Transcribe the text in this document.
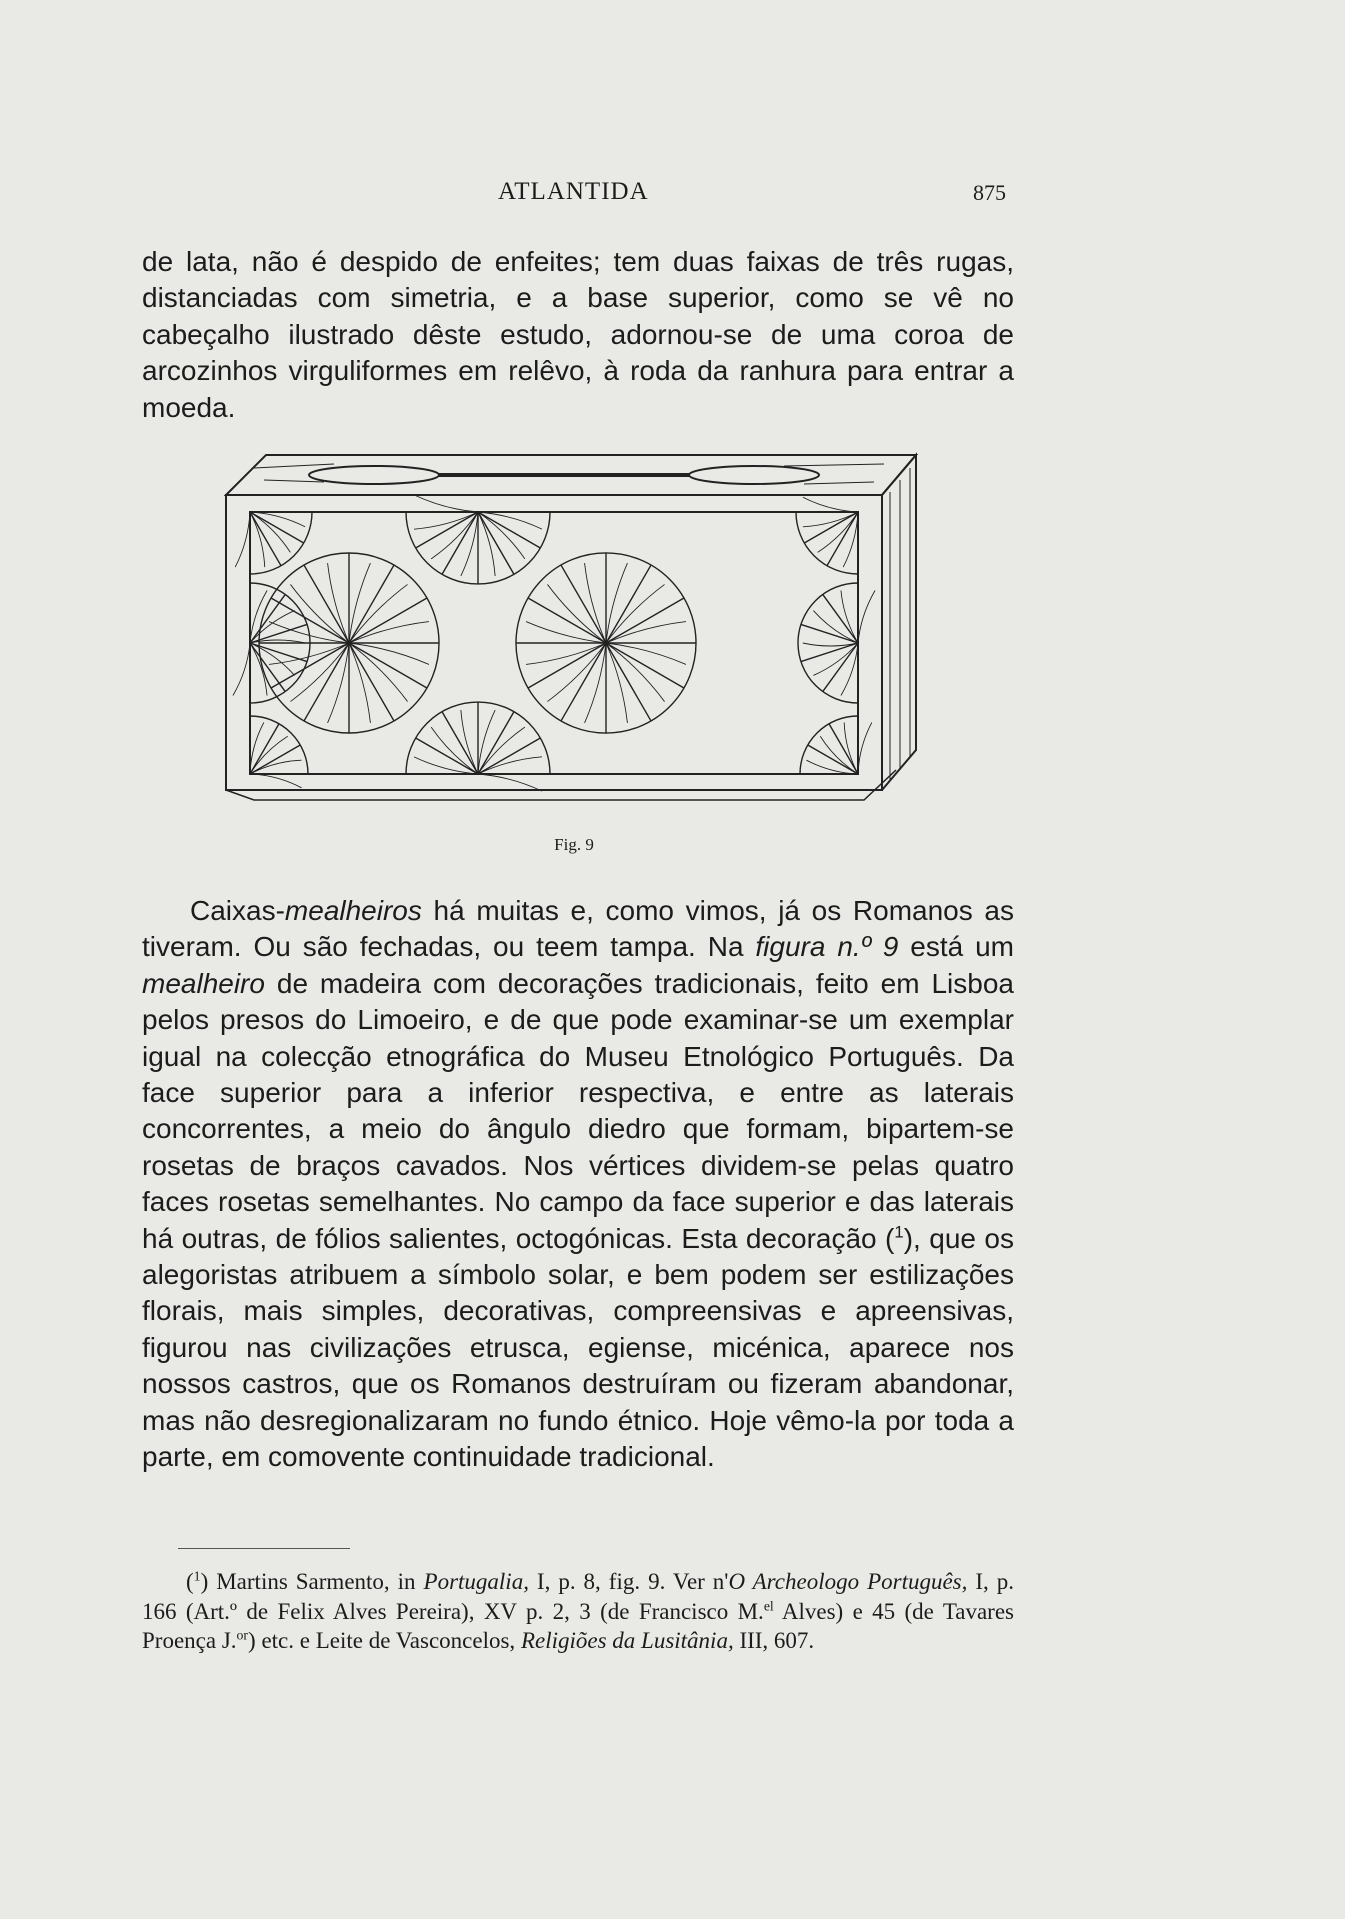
ATLANTIDA	875

de lata, não é despido de enfeites; tem duas faixas de três rugas, distanciadas com simetria, e a base superior, como se vê no cabeçalho ilustrado dêste estudo, adornou-se de uma coroa de arcozinhos virguliformes em relêvo, à roda da ranhura para entrar a moeda.

Fig. 9

Caixas-mealheiros há muitas e, como vimos, já os Romanos as tiveram. Ou são fechadas, ou teem tampa. Na figura n.º 9 está um mealheiro de madeira com decorações tradicionais, feito em Lisboa pelos presos do Limoeiro, e de que pode examinar-se um exemplar igual na colecção etnográfica do Museu Etnológico Português. Da face superior para a inferior respectiva, e entre as laterais concorrentes, a meio do ângulo diedro que formam, bipartem-se rosetas de braços cavados. Nos vértices dividem-se pelas quatro faces rosetas semelhantes. No campo da face superior e das laterais há outras, de fólios salientes, octogónicas. Esta decoração ($^1$), que os alegoristas atribuem a símbolo solar, e bem podem ser estilizações florais, mais simples, decorativas, compreensivas e apreensivas, figurou nas civilizações etrusca, egiense, micénica, aparece nos nossos castros, que os Romanos destruíram ou fizeram abandonar, mas não desregionalizaram no fundo étnico. Hoje vêmo-la por toda a parte, em comovente continuidade tradicional.

($^1$) Martins Sarmento, in Portugalia, I, p. 8, fig. 9. Ver n'O Archeologo Português, I, p. 166 (Art.º de Felix Alves Pereira), XV p. 2, 3 (de Francisco M.$^{el}$ Alves) e 45 (de Tavares Proença J.$^{or}$) etc. e Leite de Vasconcelos, Religiões da Lusitânia, III, 607.
